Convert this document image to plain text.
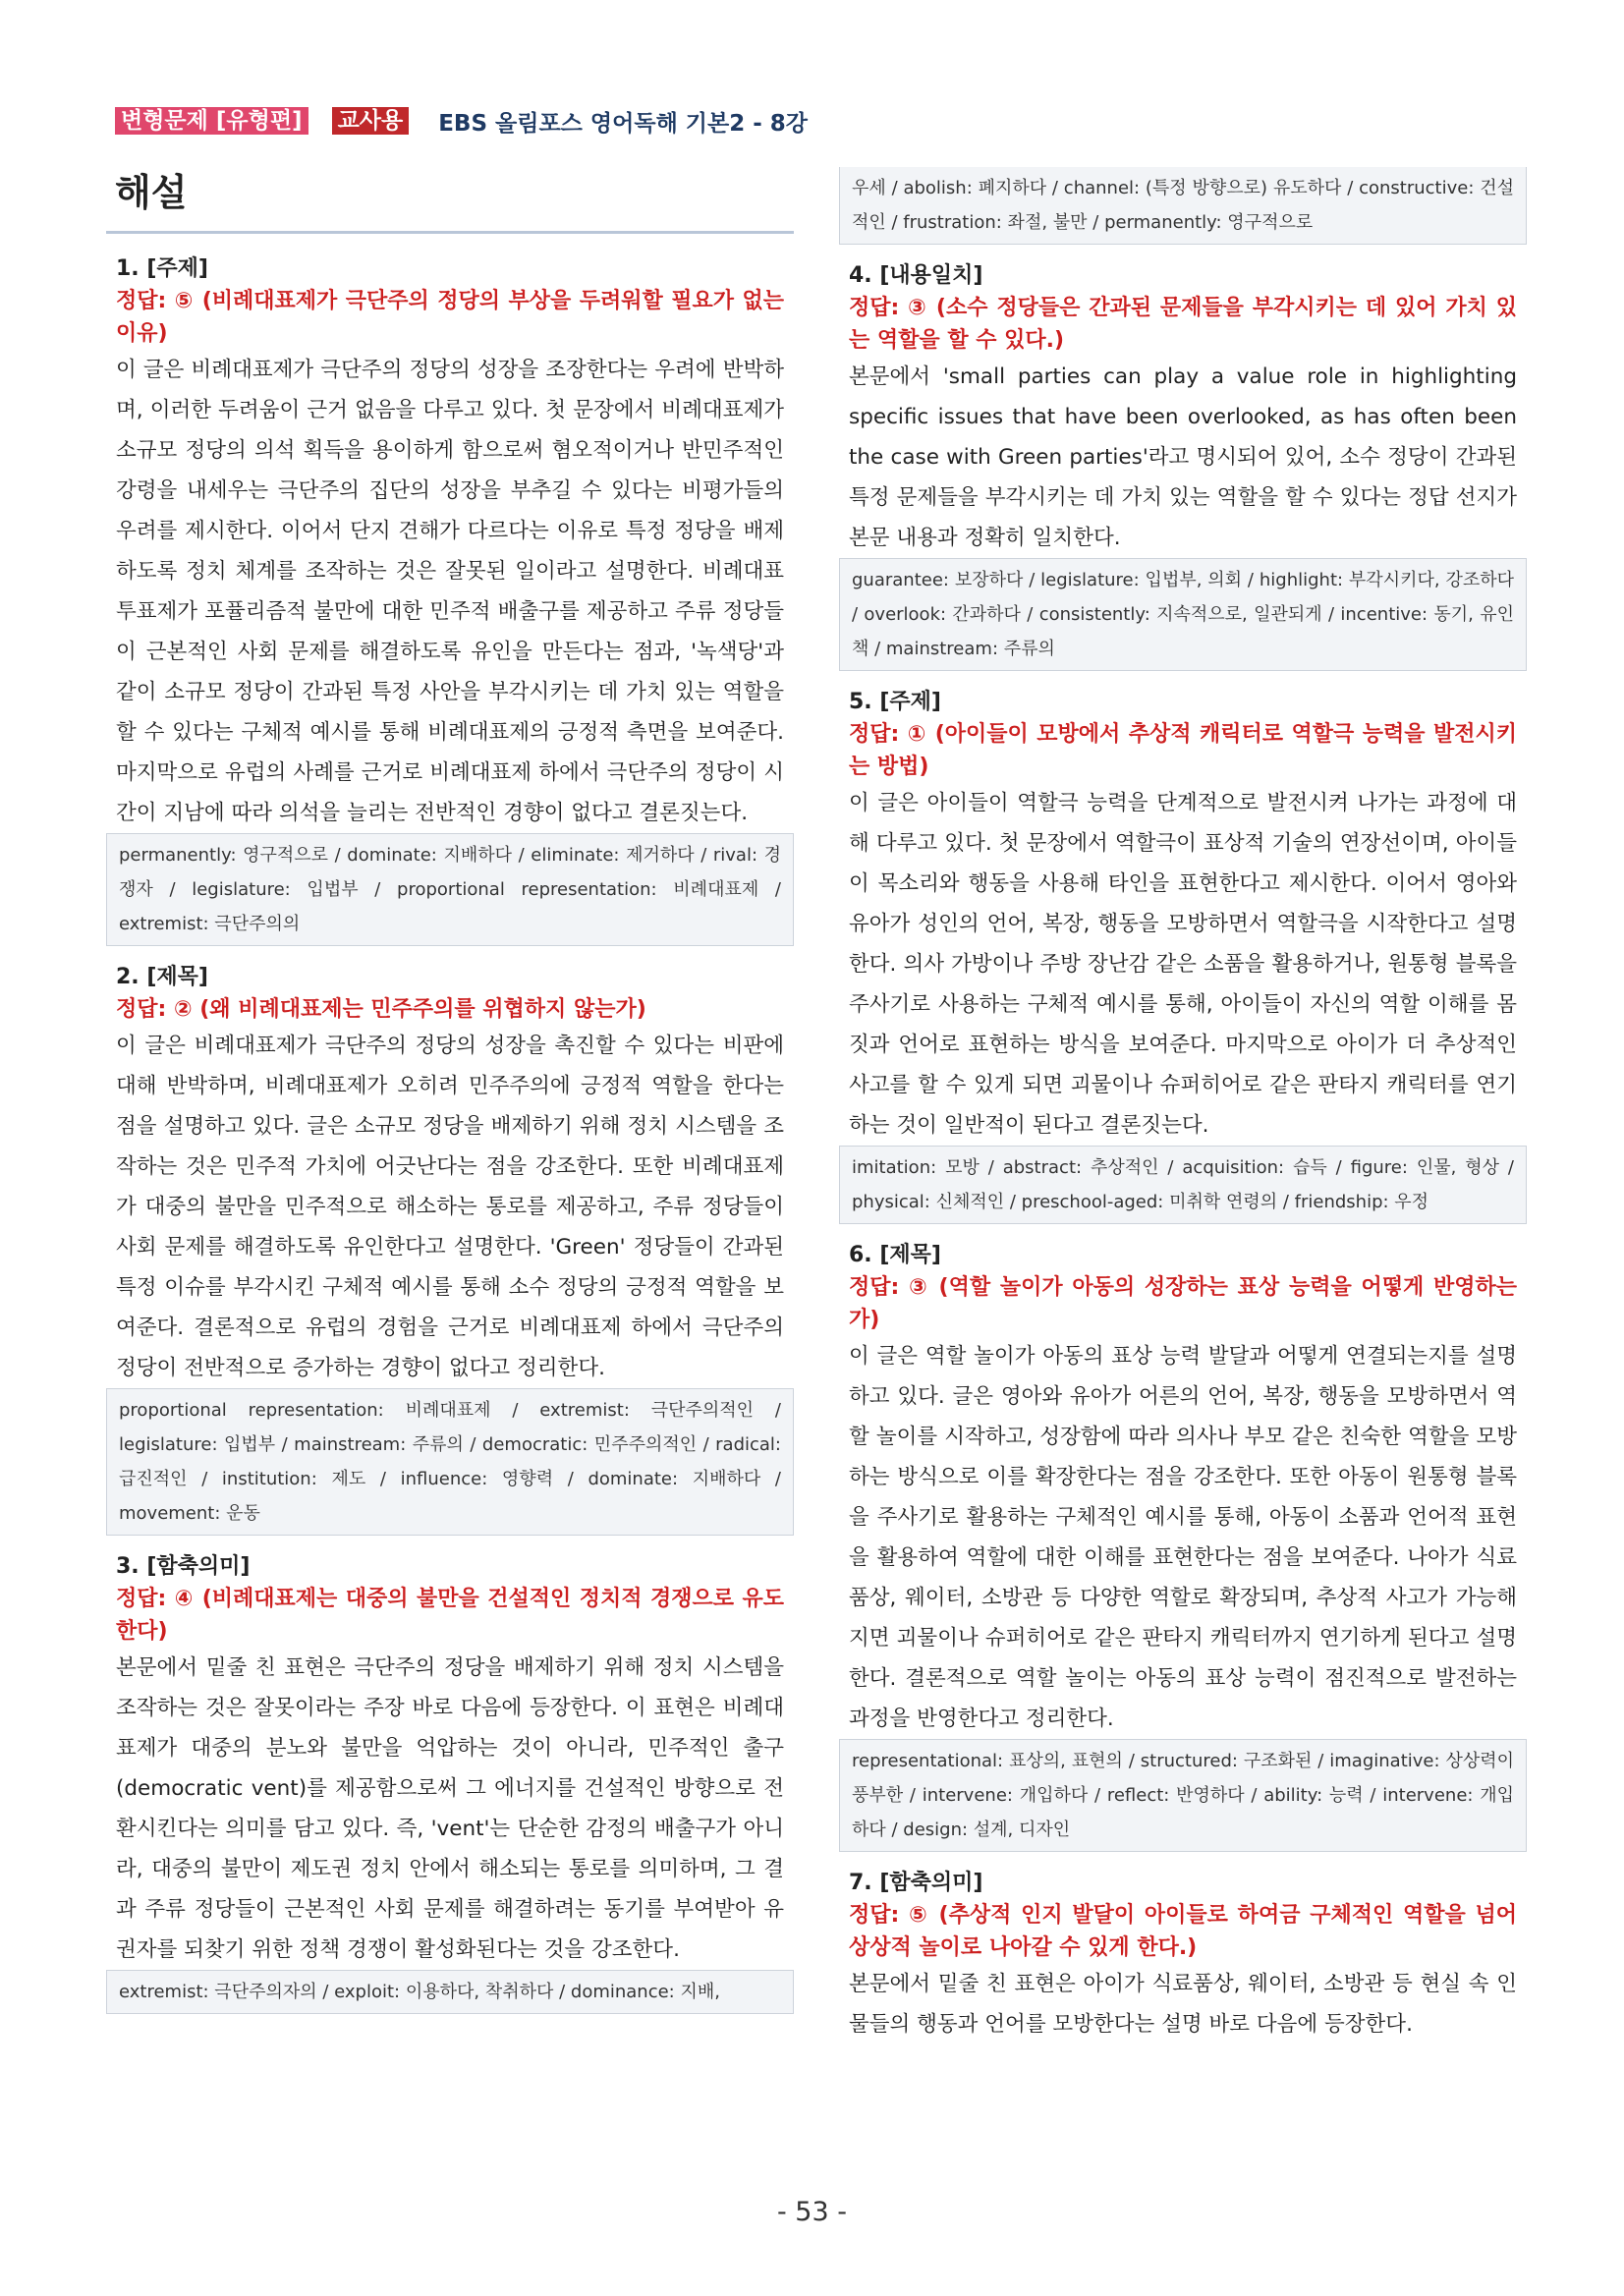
변형문제 [유형편] 교사용 EBS 올림포스 영어독해 기본2 - 8강
해설
1. [주제]
정답: ⑤ (비례대표제가 극단주의 정당의 부상을 두려워할 필요가 없는 이유)
이 글은 비례대표제가 극단주의 정당의 성장을 조장한다는 우려에 반박하며, 이러한 두려움이 근거 없음을 다루고 있다. 첫 문장에서 비례대표제가 소규모 정당의 의석 획득을 용이하게 함으로써 혐오적이거나 반민주적인 강령을 내세우는 극단주의 집단의 성장을 부추길 수 있다는 비평가들의 우려를 제시한다. 이어서 단지 견해가 다르다는 이유로 특정 정당을 배제하도록 정치 체계를 조작하는 것은 잘못된 일이라고 설명한다. 비례대표 투표제가 포퓰리즘적 불만에 대한 민주적 배출구를 제공하고 주류 정당들이 근본적인 사회 문제를 해결하도록 유인을 만든다는 점과, '녹색당'과 같이 소규모 정당이 간과된 특정 사안을 부각시키는 데 가치 있는 역할을 할 수 있다는 구체적 예시를 통해 비례대표제의 긍정적 측면을 보여준다. 마지막으로 유럽의 사례를 근거로 비례대표제 하에서 극단주의 정당이 시간이 지남에 따라 의석을 늘리는 전반적인 경향이 없다고 결론짓는다.
permanently: 영구적으로 / dominate: 지배하다 / eliminate: 제거하다 / rival: 경쟁자 / legislature: 입법부 / proportional representation: 비례대표제 / extremist: 극단주의의
2. [제목]
정답: ② (왜 비례대표제는 민주주의를 위협하지 않는가)
이 글은 비례대표제가 극단주의 정당의 성장을 촉진할 수 있다는 비판에 대해 반박하며, 비례대표제가 오히려 민주주의에 긍정적 역할을 한다는 점을 설명하고 있다. 글은 소규모 정당을 배제하기 위해 정치 시스템을 조작하는 것은 민주적 가치에 어긋난다는 점을 강조한다. 또한 비례대표제가 대중의 불만을 민주적으로 해소하는 통로를 제공하고, 주류 정당들이 사회 문제를 해결하도록 유인한다고 설명한다. 'Green' 정당들이 간과된 특정 이슈를 부각시킨 구체적 예시를 통해 소수 정당의 긍정적 역할을 보여준다. 결론적으로 유럽의 경험을 근거로 비례대표제 하에서 극단주의 정당이 전반적으로 증가하는 경향이 없다고 정리한다.
proportional representation: 비례대표제 / extremist: 극단주의적인 / legislature: 입법부 / mainstream: 주류의 / democratic: 민주주의적인 / radical: 급진적인 / institution: 제도 / influence: 영향력 / dominate: 지배하다 / movement: 운동
3. [함축의미]
정답: ④ (비례대표제는 대중의 불만을 건설적인 정치적 경쟁으로 유도한다)
본문에서 밑줄 친 표현은 극단주의 정당을 배제하기 위해 정치 시스템을 조작하는 것은 잘못이라는 주장 바로 다음에 등장한다. 이 표현은 비례대표제가 대중의 분노와 불만을 억압하는 것이 아니라, 민주적인 출구(democratic vent)를 제공함으로써 그 에너지를 건설적인 방향으로 전환시킨다는 의미를 담고 있다. 즉, 'vent'는 단순한 감정의 배출구가 아니라, 대중의 불만이 제도권 정치 안에서 해소되는 통로를 의미하며, 그 결과 주류 정당들이 근본적인 사회 문제를 해결하려는 동기를 부여받아 유권자를 되찾기 위한 정책 경쟁이 활성화된다는 것을 강조한다.
extremist: 극단주의자의 / exploit: 이용하다, 착취하다 / dominance: 지배,
우세 / abolish: 폐지하다 / channel: (특정 방향으로) 유도하다 / constructive: 건설적인 / frustration: 좌절, 불만 / permanently: 영구적으로
4. [내용일치]
정답: ③ (소수 정당들은 간과된 문제들을 부각시키는 데 있어 가치 있는 역할을 할 수 있다.)
본문에서 'small parties can play a value role in highlighting specific issues that have been overlooked, as has often been the case with Green parties'라고 명시되어 있어, 소수 정당이 간과된 특정 문제들을 부각시키는 데 가치 있는 역할을 할 수 있다는 정답 선지가 본문 내용과 정확히 일치한다.
guarantee: 보장하다 / legislature: 입법부, 의회 / highlight: 부각시키다, 강조하다 / overlook: 간과하다 / consistently: 지속적으로, 일관되게 / incentive: 동기, 유인책 / mainstream: 주류의
5. [주제]
정답: ① (아이들이 모방에서 추상적 캐릭터로 역할극 능력을 발전시키는 방법)
이 글은 아이들이 역할극 능력을 단계적으로 발전시켜 나가는 과정에 대해 다루고 있다. 첫 문장에서 역할극이 표상적 기술의 연장선이며, 아이들이 목소리와 행동을 사용해 타인을 표현한다고 제시한다. 이어서 영아와 유아가 성인의 언어, 복장, 행동을 모방하면서 역할극을 시작한다고 설명한다. 의사 가방이나 주방 장난감 같은 소품을 활용하거나, 원통형 블록을 주사기로 사용하는 구체적 예시를 통해, 아이들이 자신의 역할 이해를 몸짓과 언어로 표현하는 방식을 보여준다. 마지막으로 아이가 더 추상적인 사고를 할 수 있게 되면 괴물이나 슈퍼히어로 같은 판타지 캐릭터를 연기하는 것이 일반적이 된다고 결론짓는다.
imitation: 모방 / abstract: 추상적인 / acquisition: 습득 / figure: 인물, 형상 / physical: 신체적인 / preschool-aged: 미취학 연령의 / friendship: 우정
6. [제목]
정답: ③ (역할 놀이가 아동의 성장하는 표상 능력을 어떻게 반영하는가)
이 글은 역할 놀이가 아동의 표상 능력 발달과 어떻게 연결되는지를 설명하고 있다. 글은 영아와 유아가 어른의 언어, 복장, 행동을 모방하면서 역할 놀이를 시작하고, 성장함에 따라 의사나 부모 같은 친숙한 역할을 모방하는 방식으로 이를 확장한다는 점을 강조한다. 또한 아동이 원통형 블록을 주사기로 활용하는 구체적인 예시를 통해, 아동이 소품과 언어적 표현을 활용하여 역할에 대한 이해를 표현한다는 점을 보여준다. 나아가 식료품상, 웨이터, 소방관 등 다양한 역할로 확장되며, 추상적 사고가 가능해지면 괴물이나 슈퍼히어로 같은 판타지 캐릭터까지 연기하게 된다고 설명한다. 결론적으로 역할 놀이는 아동의 표상 능력이 점진적으로 발전하는 과정을 반영한다고 정리한다.
representational: 표상의, 표현의 / structured: 구조화된 / imaginative: 상상력이 풍부한 / intervene: 개입하다 / reflect: 반영하다 / ability: 능력 / intervene: 개입하다 / design: 설계, 디자인
7. [함축의미]
정답: ⑤ (추상적 인지 발달이 아이들로 하여금 구체적인 역할을 넘어 상상적 놀이로 나아갈 수 있게 한다.)
본문에서 밑줄 친 표현은 아이가 식료품상, 웨이터, 소방관 등 현실 속 인물들의 행동과 언어를 모방한다는 설명 바로 다음에 등장한다.

- 53 -
